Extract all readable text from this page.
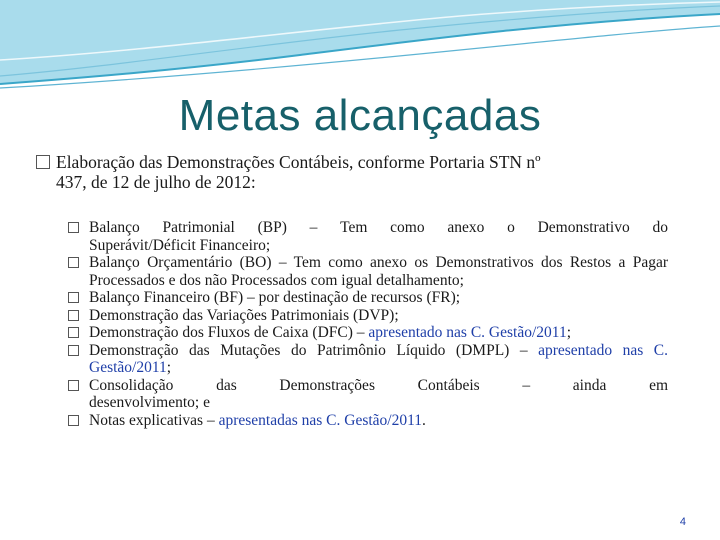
Metas alcançadas
Elaboração das Demonstrações Contábeis, conforme Portaria STN nº
437, de 12 de julho de 2012:
Balanço Patrimonial (BP) – Tem como anexo o Demonstrativo do
Superávit/Déficit Financeiro;
Balanço Orçamentário (BO) – Tem como anexo os Demonstrativos dos Restos a Pagar Processados e dos não Processados com igual detalhamento;
Balanço Financeiro (BF) – por destinação de recursos (FR);
Demonstração das Variações Patrimoniais (DVP);
Demonstração dos Fluxos de Caixa (DFC) – apresentado nas C. Gestão/2011;
Demonstração das Mutações do Patrimônio Líquido (DMPL) – apresentado nas C. Gestão/2011;
Consolidação	das	Demonstrações	Contábeis	–	ainda	em
desenvolvimento; e
Notas explicativas – apresentadas nas C. Gestão/2011.
4
